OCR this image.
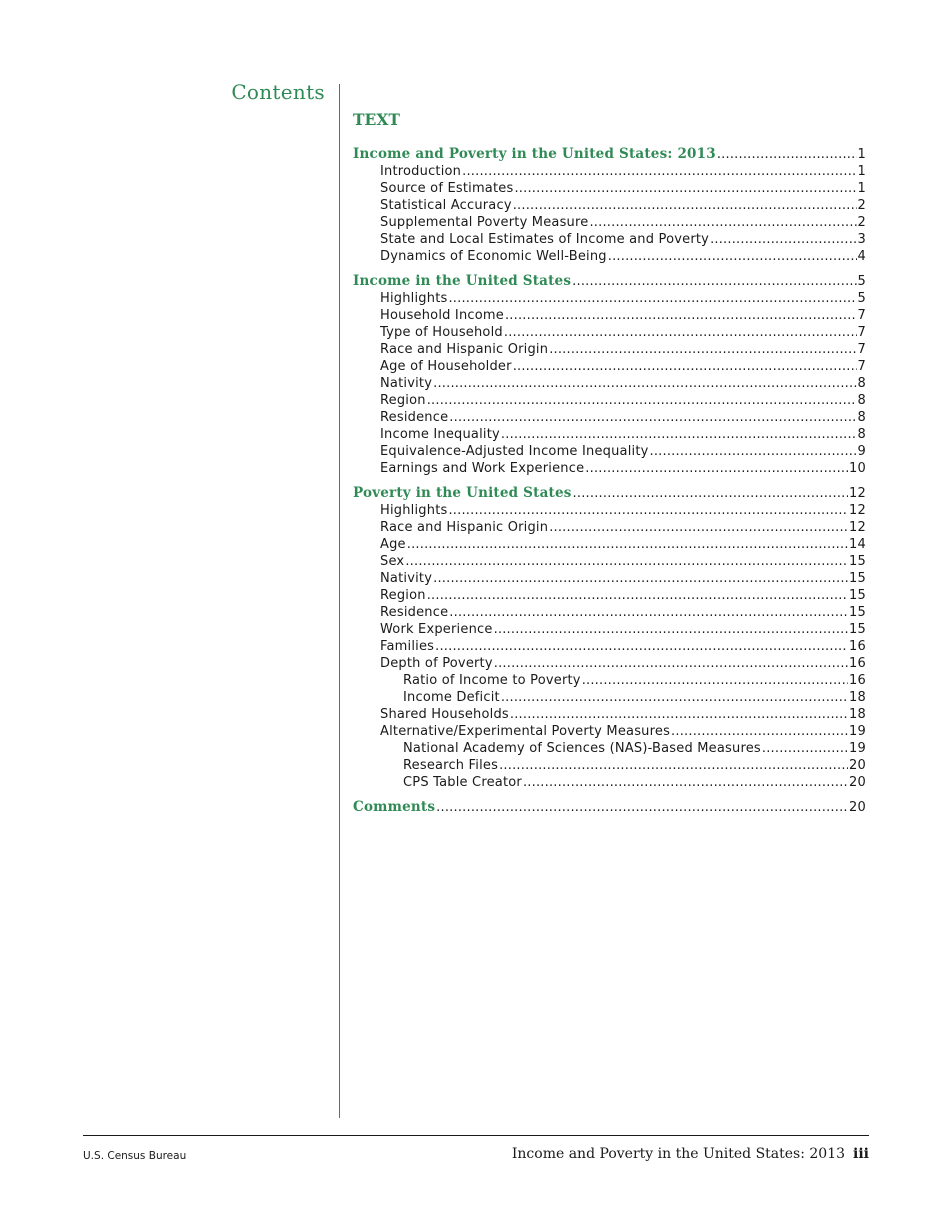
Contents
TEXT
Income and Poverty in the United States: 2013 .....	1
Introduction .....	1
Source of Estimates .....	1
Statistical Accuracy .....	2
Supplemental Poverty Measure .....	2
State and Local Estimates of Income and Poverty .....	3
Dynamics of Economic Well-Being .....	4
Income in the United States .....	5
Highlights .....	5
Household Income .....	7
Type of Household .....	7
Race and Hispanic Origin .....	7
Age of Householder .....	7
Nativity .....	8
Region .....	8
Residence .....	8
Income Inequality .....	8
Equivalence-Adjusted Income Inequality .....	9
Earnings and Work Experience .....	10
Poverty in the United States .....	12
Highlights .....	12
Race and Hispanic Origin .....	12
Age .....	14
Sex .....	15
Nativity .....	15
Region .....	15
Residence .....	15
Work Experience .....	15
Families .....	16
Depth of Poverty .....	16
Ratio of Income to Poverty .....	16
Income Deficit .....	18
Shared Households .....	18
Alternative/Experimental Poverty Measures .....	19
National Academy of Sciences (NAS)-Based Measures .....	19
Research Files .....	20
CPS Table Creator .....	20
Comments .....	20
U.S. Census Bureau	Income and Poverty in the United States: 2013 iii
